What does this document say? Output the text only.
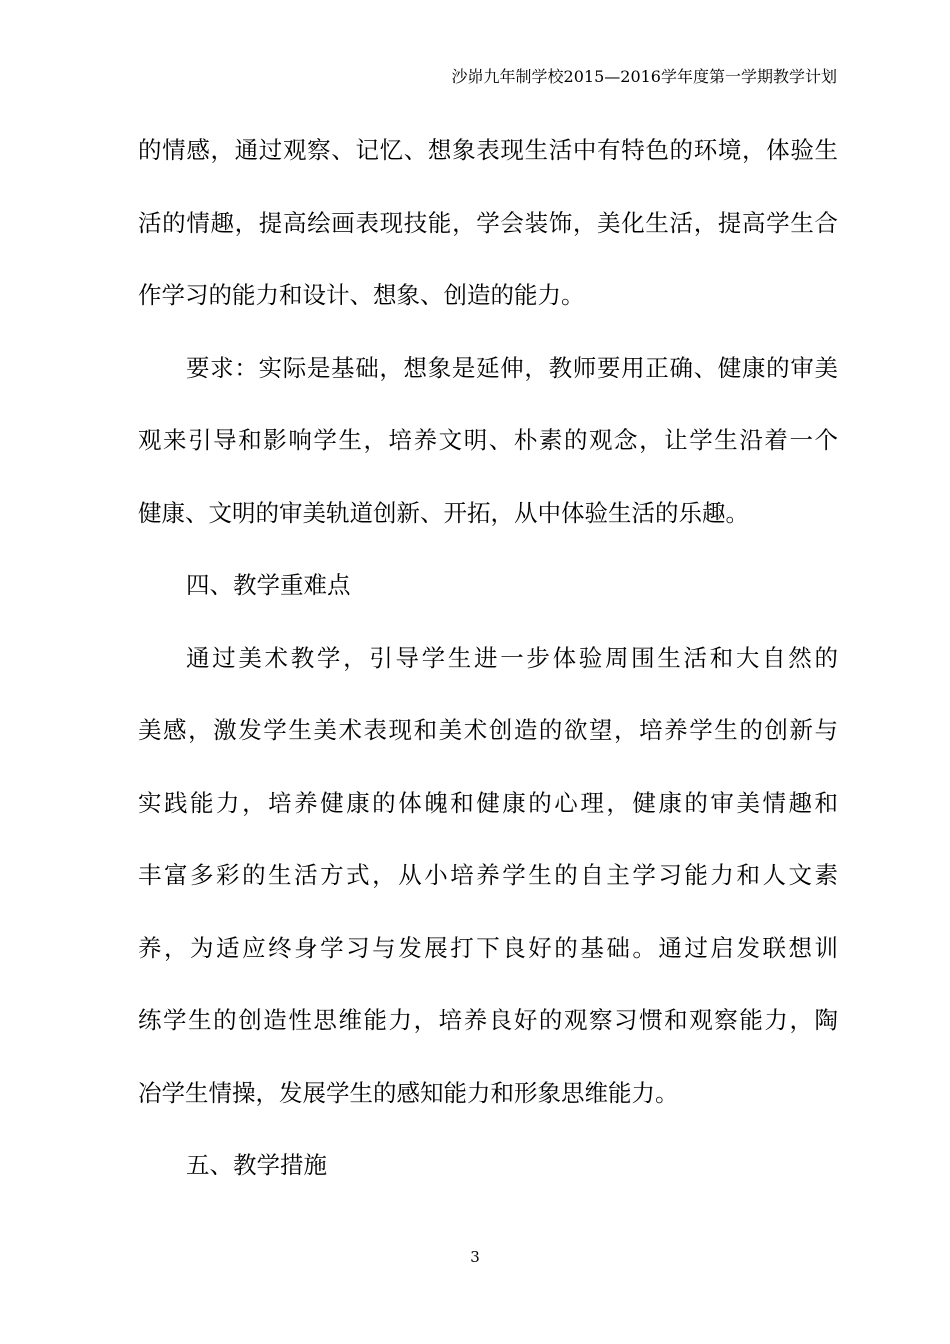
沙峁九年制学校2015—2016学年度第一学期教学计划
的情感，通过观察、记忆、想象表现生活中有特色的环境，体验生
活的情趣，提高绘画表现技能，学会装饰，美化生活，提高学生合
作学习的能力和设计、想象、创造的能力。
要求：实际是基础，想象是延伸，教师要用正确、健康的审美
观来引导和影响学生，培养文明、朴素的观念，让学生沿着一个
健康、文明的审美轨道创新、开拓，从中体验生活的乐趣。
四、教学重难点
通过美术教学，引导学生进一步体验周围生活和大自然的
美感，激发学生美术表现和美术创造的欲望，培养学生的创新与
实践能力，培养健康的体魄和健康的心理，健康的审美情趣和
丰富多彩的生活方式，从小培养学生的自主学习能力和人文素
养，为适应终身学习与发展打下良好的基础。通过启发联想训
练学生的创造性思维能力，培养良好的观察习惯和观察能力，陶
冶学生情操，发展学生的感知能力和形象思维能力。
五、教学措施
3
